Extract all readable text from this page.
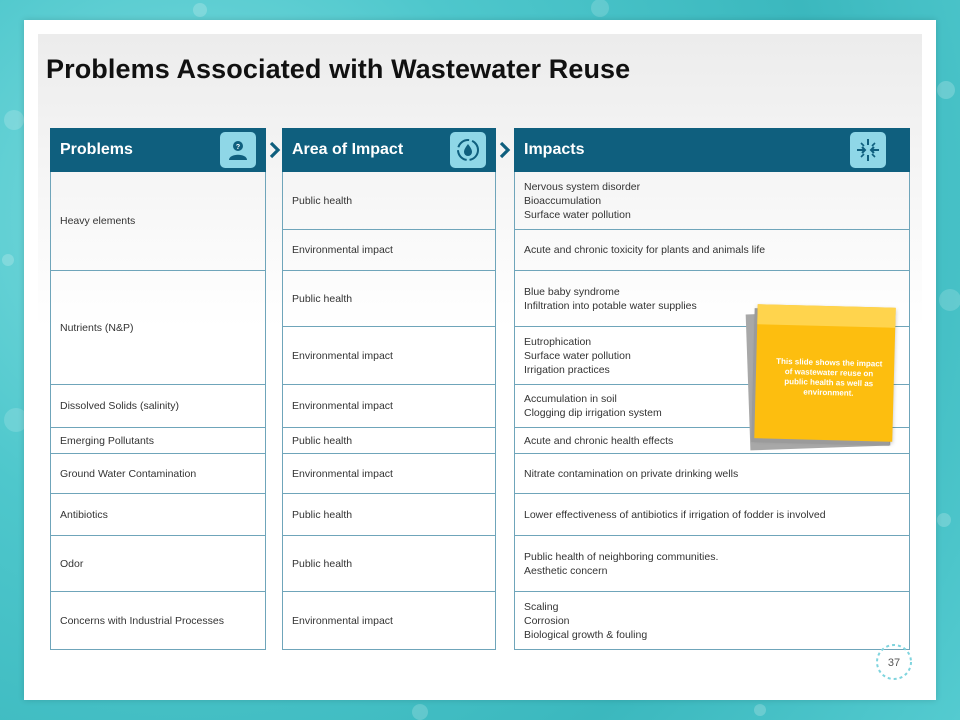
Problems Associated with Wastewater Reuse
Problems	?
Heavy elements
Nutrients (N&P)
Dissolved Solids (salinity)
Emerging Pollutants
Ground Water Contamination
Antibiotics
Odor
Concerns with Industrial Processes
Area of Impact
Public health
Environmental impact
Public health
Environmental impact
Environmental impact
Public health
Environmental impact
Public health
Public health
Environmental impact
Impacts
Nervous system disorder
Bioaccumulation
Surface water pollution
Acute and chronic toxicity for plants and animals life
Blue baby syndrome
Infiltration into potable water supplies
Eutrophication
Surface water pollution
Irrigation practices
Accumulation in soil
Clogging dip irrigation system
Acute and chronic health effects
Nitrate contamination on private drinking wells
Lower effectiveness of antibiotics if irrigation of fodder is involved
Public health of neighboring communities.
Aesthetic concern
Scaling
Corrosion
Biological growth & fouling
This slide shows the impact of wastewater reuse on public health as well as environment.
37
